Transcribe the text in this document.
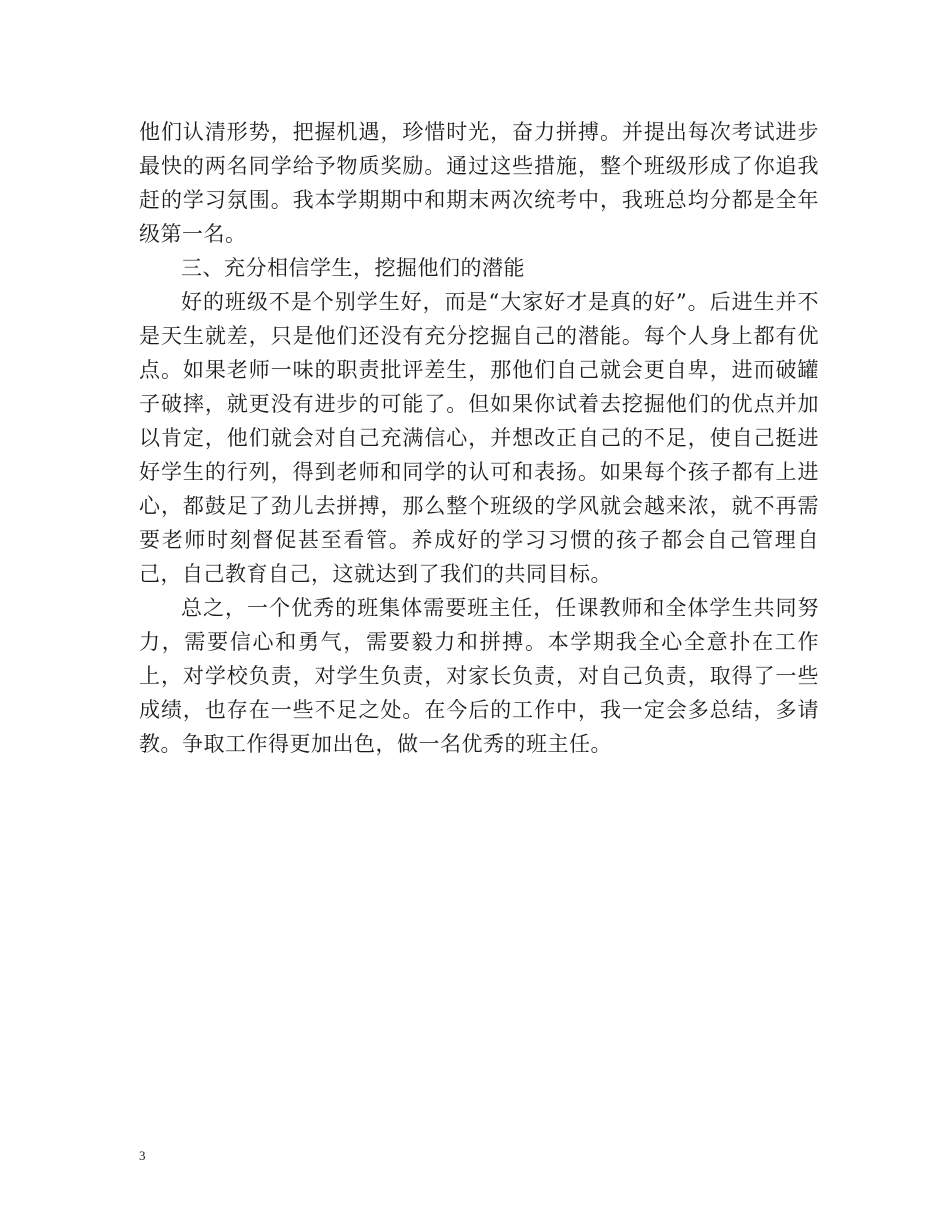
他们认清形势，把握机遇，珍惜时光，奋力拼搏。并提出每次考试进步最快的两名同学给予物质奖励。通过这些措施，整个班级形成了你追我赶的学习氛围。我本学期期中和期末两次统考中，我班总均分都是全年级第一名。

三、充分相信学生，挖掘他们的潜能

好的班级不是个别学生好，而是“大家好才是真的好”。后进生并不是天生就差，只是他们还没有充分挖掘自己的潜能。每个人身上都有优点。如果老师一味的职责批评差生，那他们自己就会更自卑，进而破罐子破摔，就更没有进步的可能了。但如果你试着去挖掘他们的优点并加以肯定，他们就会对自己充满信心，并想改正自己的不足，使自己挺进好学生的行列，得到老师和同学的认可和表扬。如果每个孩子都有上进心，都鼓足了劲儿去拼搏，那么整个班级的学风就会越来浓，就不再需要老师时刻督促甚至看管。养成好的学习习惯的孩子都会自己管理自己，自己教育自己，这就达到了我们的共同目标。

总之，一个优秀的班集体需要班主任，任课教师和全体学生共同努力，需要信心和勇气，需要毅力和拼搏。本学期我全心全意扑在工作上，对学校负责，对学生负责，对家长负责，对自己负责，取得了一些成绩，也存在一些不足之处。在今后的工作中，我一定会多总结，多请教。争取工作得更加出色，做一名优秀的班主任。

3
